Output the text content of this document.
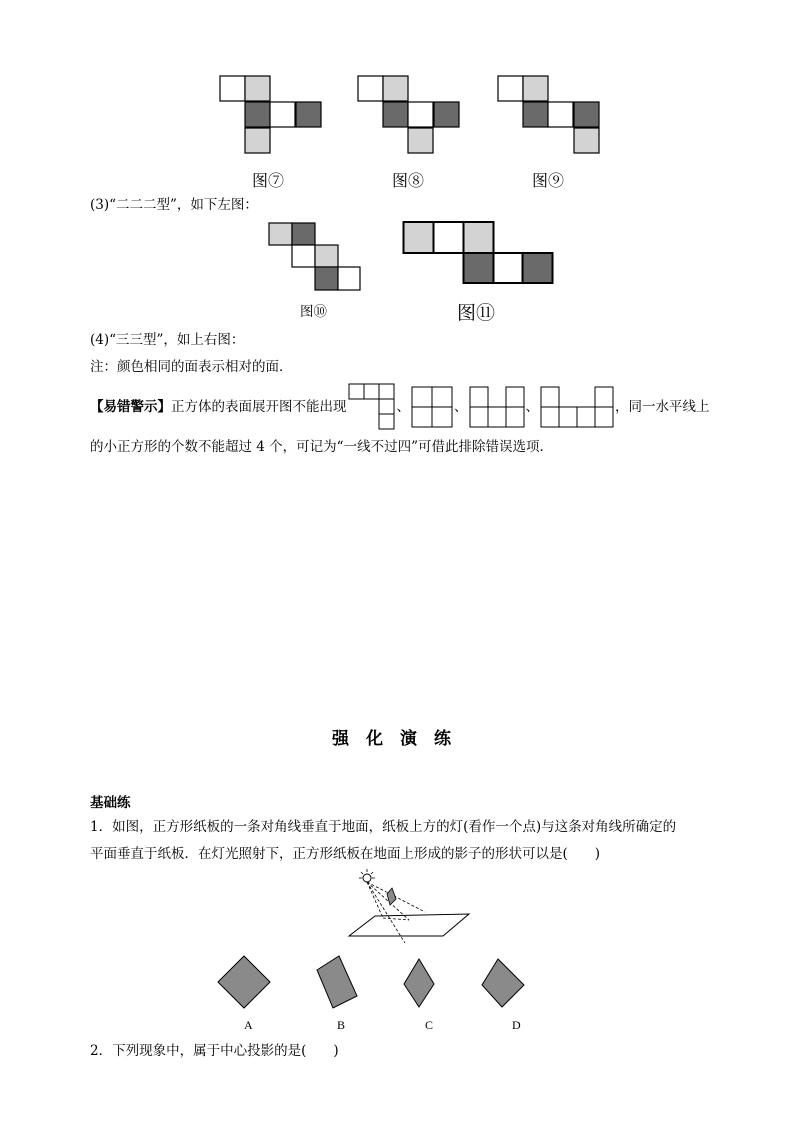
图⑦	图⑧	图⑨
(3)“二二二型”，如下左图：
图⑩	图⑪
(4)“三三型”，如上右图：
注：颜色相同的面表示相对的面．
【易错警示】 正方体的表面展开图不能出现	、	、	、	，同一水平线上
的小正方形的个数不能超过 4 个，可记为“一线不过四”可借此排除错误选项．
强化演练
基础练
1．如图，正方形纸板的一条对角线垂直于地面，纸板上方的灯(看作一个点)与这条对角线所确定的
平面垂直于纸板．在灯光照射下，正方形纸板在地面上形成的影子的形状可以是(　　)
A	B	C	D
2．下列现象中，属于中心投影的是(　　)
